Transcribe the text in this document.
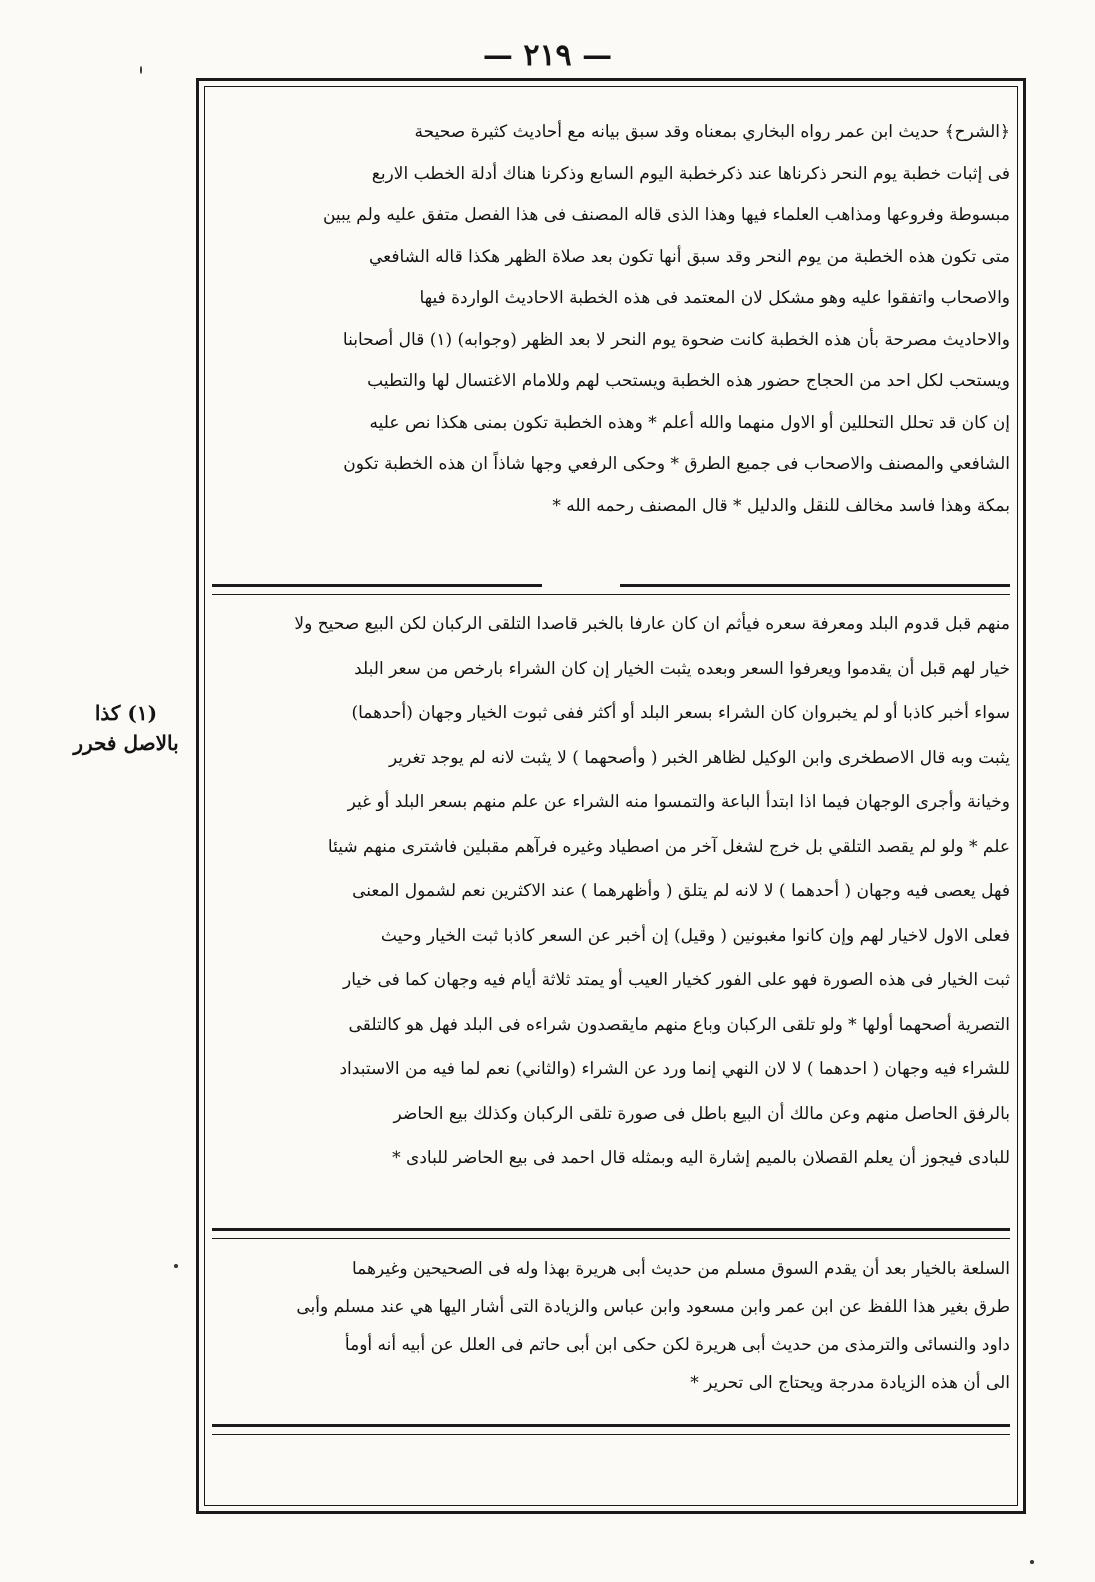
— ٢١٩ —
(١) كذا
بالاصل فحرر
﴿الشرح﴾ حديث ابن عمر رواه البخاري بمعناه وقد سبق بيانه مع أحاديث كثيرة صحيحة
فى إثبات خطبة يوم النحر ذكرناها عند ذكرخطبة اليوم السابع وذكرنا هناك أدلة الخطب الاربع
مبسوطة وفروعها ومذاهب العلماء فيها وهذا الذى قاله المصنف فى هذا الفصل متفق عليه ولم يبين
متى تكون هذه الخطبة من يوم النحر وقد سبق أنها تكون بعد صلاة الظهر هكذا قاله الشافعي
والاصحاب واتفقوا عليه وهو مشكل لان المعتمد فى هذه الخطبة الاحاديث الواردة فيها
والاحاديث مصرحة بأن هذه الخطبة كانت ضحوة يوم النحر لا بعد الظهر (وجوابه) (١) قال أصحابنا
ويستحب لكل احد من الحجاج حضور هذه الخطبة ويستحب لهم وللامام الاغتسال لها والتطيب
إن كان قد تحلل التحللين أو الاول منهما والله أعلم * وهذه الخطبة تكون بمنى هكذا نص عليه
الشافعي والمصنف والاصحاب فى جميع الطرق * وحكى الرفعي وجها شاذاً ان هذه الخطبة تكون
بمكة وهذا فاسد مخالف للنقل والدليل * قال المصنف رحمه الله *
منهم قبل قدوم البلد ومعرفة سعره فيأثم ان كان عارفا بالخبر قاصدا التلقى الركبان لكن البيع صحيح ولا
خيار لهم قبل أن يقدموا ويعرفوا السعر وبعده يثبت الخيار إن كان الشراء بارخص من سعر البلد
سواء أخبر كاذبا أو لم يخبروان كان الشراء بسعر البلد أو أكثر ففى ثبوت الخيار وجهان (أحدهما)
يثبت وبه قال الاصطخرى وابن الوكيل لظاهر الخبر ( وأصحهما ) لا يثبت لانه لم يوجد تغرير
وخيانة وأجرى الوجهان فيما اذا ابتدأ الباعة والتمسوا منه الشراء عن علم منهم بسعر البلد أو غير
علم * ولو لم يقصد التلقي بل خرج لشغل آخر من اصطياد وغيره فرآهم مقبلين فاشترى منهم شيئا
فهل يعصى فيه وجهان ( أحدهما ) لا لانه لم يتلق ( وأظهرهما ) عند الاكثرين نعم لشمول المعنى
فعلى الاول لاخيار لهم وإن كانوا مغبونين ( وقيل) إن أخبر عن السعر كاذبا ثبت الخيار وحيث
ثبت الخيار فى هذه الصورة فهو على الفور كخيار العيب أو يمتد ثلاثة أيام فيه وجهان كما فى خيار
التصرية أصحهما أولها * ولو تلقى الركبان وباع منهم مايقصدون شراءه فى البلد فهل هو كالتلقى
للشراء فيه وجهان ( احدهما ) لا لان النهي إنما ورد عن الشراء (والثاني) نعم لما فيه من الاستبداد
بالرفق الحاصل منهم وعن مالك أن البيع باطل فى صورة تلقى الركبان وكذلك بيع الحاضر
للبادى فيجوز أن يعلم القصلان بالميم إشارة اليه وبمثله قال احمد فى بيع الحاضر للبادى *
السلعة بالخيار بعد أن يقدم السوق مسلم من حديث أبى هريرة بهذا وله فى الصحيحين وغيرهما
طرق بغير هذا اللفظ عن ابن عمر وابن مسعود وابن عباس والزيادة التى أشار اليها هي عند مسلم وأبى
داود والنسائى والترمذى من حديث أبى هريرة لكن حكى ابن أبى حاتم فى العلل عن أبيه أنه أومأ
الى أن هذه الزيادة مدرجة ويحتاج الى تحرير *
